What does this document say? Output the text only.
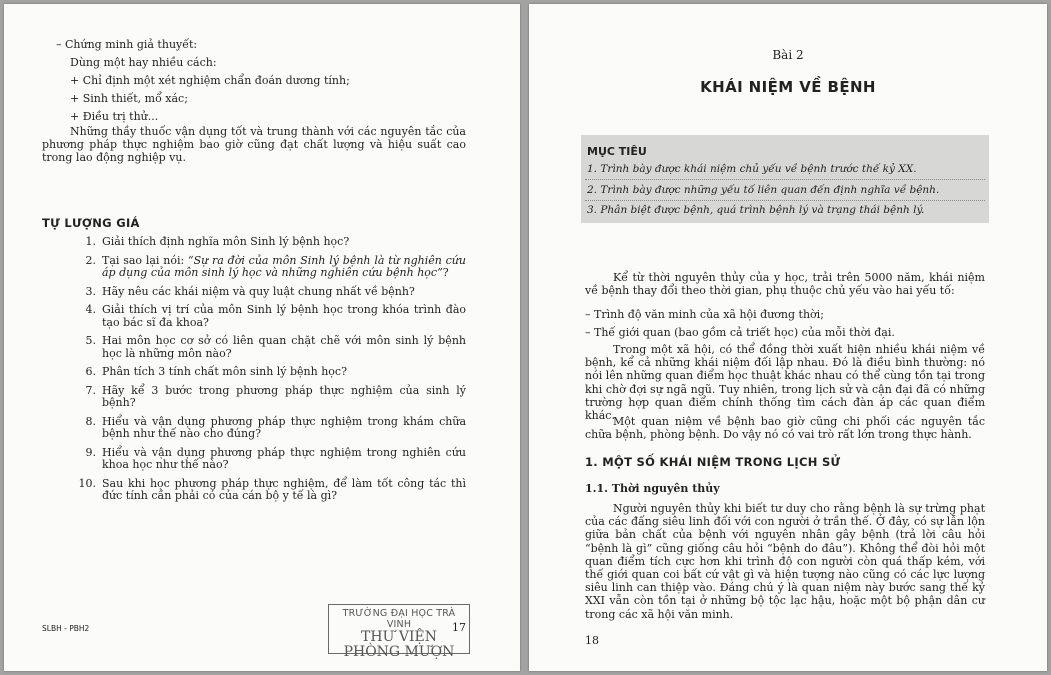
– Chứng minh giả thuyết:
Dùng một hay nhiều cách:
+ Chỉ định một xét nghiệm chẩn đoán dương tính;
+ Sinh thiết, mổ xác;
+ Điều trị thử...
Những thầy thuốc vận dụng tốt và trung thành với các nguyên tắc của phương pháp thực nghiệm bao giờ cũng đạt chất lượng và hiệu suất cao trong lao động nghiệp vụ.
TỰ LƯỢNG GIÁ
1. Giải thích định nghĩa môn Sinh lý bệnh học?
2. Tại sao lại nói: “Sự ra đời của môn Sinh lý bệnh là từ nghiên cứu áp dụng của môn sinh lý học và những nghiên cứu bệnh học”?
3. Hãy nêu các khái niệm và quy luật chung nhất về bệnh?
4. Giải thích vị trí của môn Sinh lý bệnh học trong khóa trình đào tạo bác sĩ đa khoa?
5. Hai môn học cơ sở có liên quan chặt chẽ với môn sinh lý bệnh học là những môn nào?
6. Phân tích 3 tính chất môn sinh lý bệnh học?
7. Hãy kể 3 bước trong phương pháp thực nghiệm của sinh lý bệnh?
8. Hiểu và vận dụng phương pháp thực nghiệm trong khám chữa bệnh như thế nào cho đúng?
9. Hiểu và vận dụng phương pháp thực nghiệm trong nghiên cứu khoa học như thế nào?
10. Sau khi học phương pháp thực nghiệm, để làm tốt công tác thì đức tính cần phải có của cán bộ y tế là gì?
SLBH - PBH2
TRƯỜNG ĐẠI HỌC TRÀ VINH
THƯ VIỆN
PHÒNG MƯỢN
17
Bài 2
KHÁI NIỆM VỀ BỆNH
MỤC TIÊU
1. Trình bày được khái niệm chủ yếu về bệnh trước thế kỷ XX.
2. Trình bày được những yếu tố liên quan đến định nghĩa về bệnh.
3. Phân biệt được bệnh, quá trình bệnh lý và trạng thái bệnh lý.
Kể từ thời nguyên thủy của y học, trải trên 5000 năm, khái niệm về bệnh thay đổi theo thời gian, phụ thuộc chủ yếu vào hai yếu tố:
– Trình độ văn minh của xã hội đương thời;
– Thế giới quan (bao gồm cả triết học) của mỗi thời đại.
Trong một xã hội, có thể đồng thời xuất hiện nhiều khái niệm về bệnh, kể cả những khái niệm đối lập nhau. Đó là điều bình thường: nó nói lên những quan điểm học thuật khác nhau có thể cùng tồn tại trong khi chờ đợi sự ngã ngũ. Tuy nhiên, trong lịch sử và cận đại đã có những trường hợp quan điểm chính thống tìm cách đàn áp các quan điểm khác.
Một quan niệm về bệnh bao giờ cũng chi phối các nguyên tắc chữa bệnh, phòng bệnh. Do vậy nó có vai trò rất lớn trong thực hành.
1. MỘT SỐ KHÁI NIỆM TRONG LỊCH SỬ
1.1. Thời nguyên thủy
Người nguyên thủy khi biết tư duy cho rằng bệnh là sự trừng phạt của các đấng siêu linh đối với con người ở trần thế. Ở đây, có sự lẫn lộn giữa bản chất của bệnh với nguyên nhân gây bệnh (trả lời câu hỏi “bệnh là gì” cũng giống câu hỏi “bệnh do đâu”). Không thể đòi hỏi một quan điểm tích cực hơn khi trình độ con người còn quá thấp kém, với thế giới quan coi bất cứ vật gì và hiện tượng nào cũng có các lực lượng siêu linh can thiệp vào. Đáng chú ý là quan niệm này bước sang thế kỷ XXI vẫn còn tồn tại ở những bộ tộc lạc hậu, hoặc một bộ phận dân cư trong các xã hội văn minh.
18
